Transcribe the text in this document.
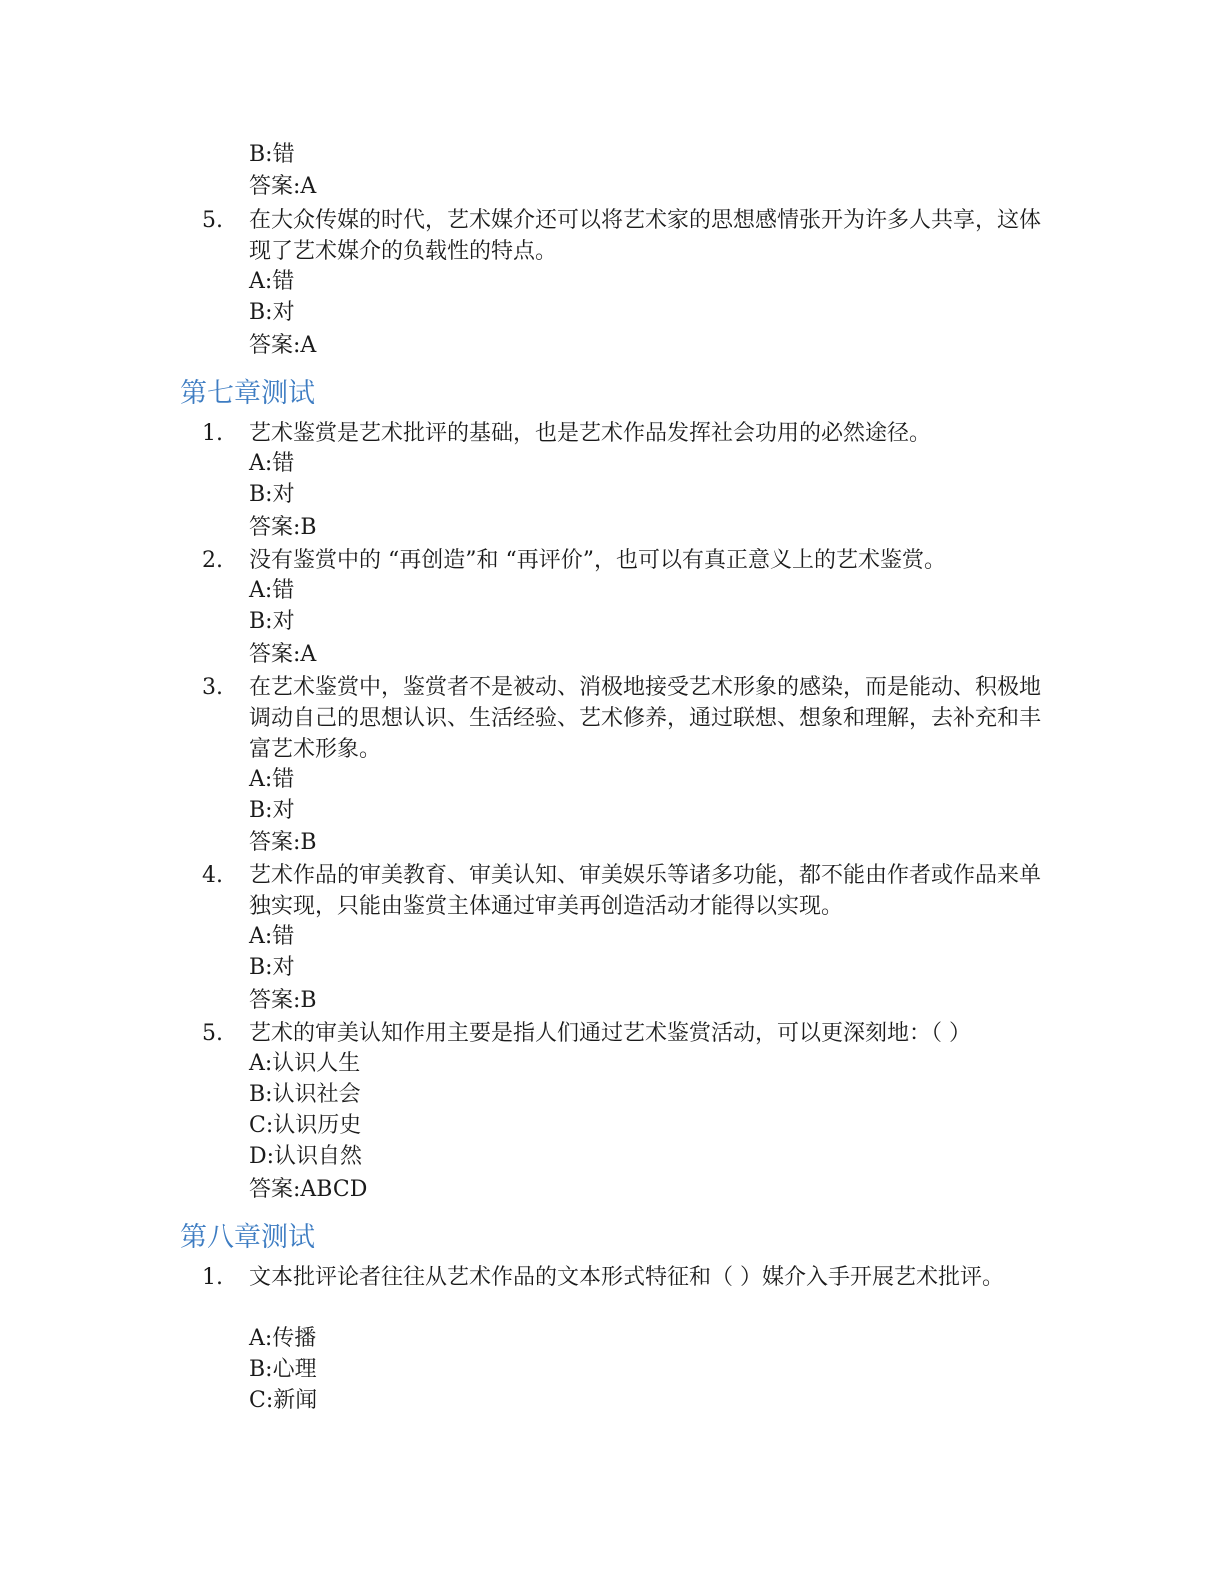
B:错
答案:A
5.	在大众传媒的时代，艺术媒介还可以将艺术家的思想感情张开为许多人共享，这体现了艺术媒介的负载性的特点。
A:错
B:对
答案:A
第七章测试
1.	艺术鉴赏是艺术批评的基础，也是艺术作品发挥社会功用的必然途径。
A:错
B:对
答案:B
2.	没有鉴赏中的 “再创造”和 “再评价”，也可以有真正意义上的艺术鉴赏。
A:错
B:对
答案:A
3.	在艺术鉴赏中，鉴赏者不是被动、消极地接受艺术形象的感染，而是能动、积极地调动自己的思想认识、生活经验、艺术修养，通过联想、想象和理解，去补充和丰富艺术形象。
A:错
B:对
答案:B
4.	艺术作品的审美教育、审美认知、审美娱乐等诸多功能，都不能由作者或作品来单独实现，只能由鉴赏主体通过审美再创造活动才能得以实现。
A:错
B:对
答案:B
5.	艺术的审美认知作用主要是指人们通过艺术鉴赏活动，可以更深刻地：（ ）
A:认识人生
B:认识社会
C:认识历史
D:认识自然
答案:ABCD
第八章测试
1.	文本批评论者往往从艺术作品的文本形式特征和（ ）媒介入手开展艺术批评。
A:传播
B:心理
C:新闻
